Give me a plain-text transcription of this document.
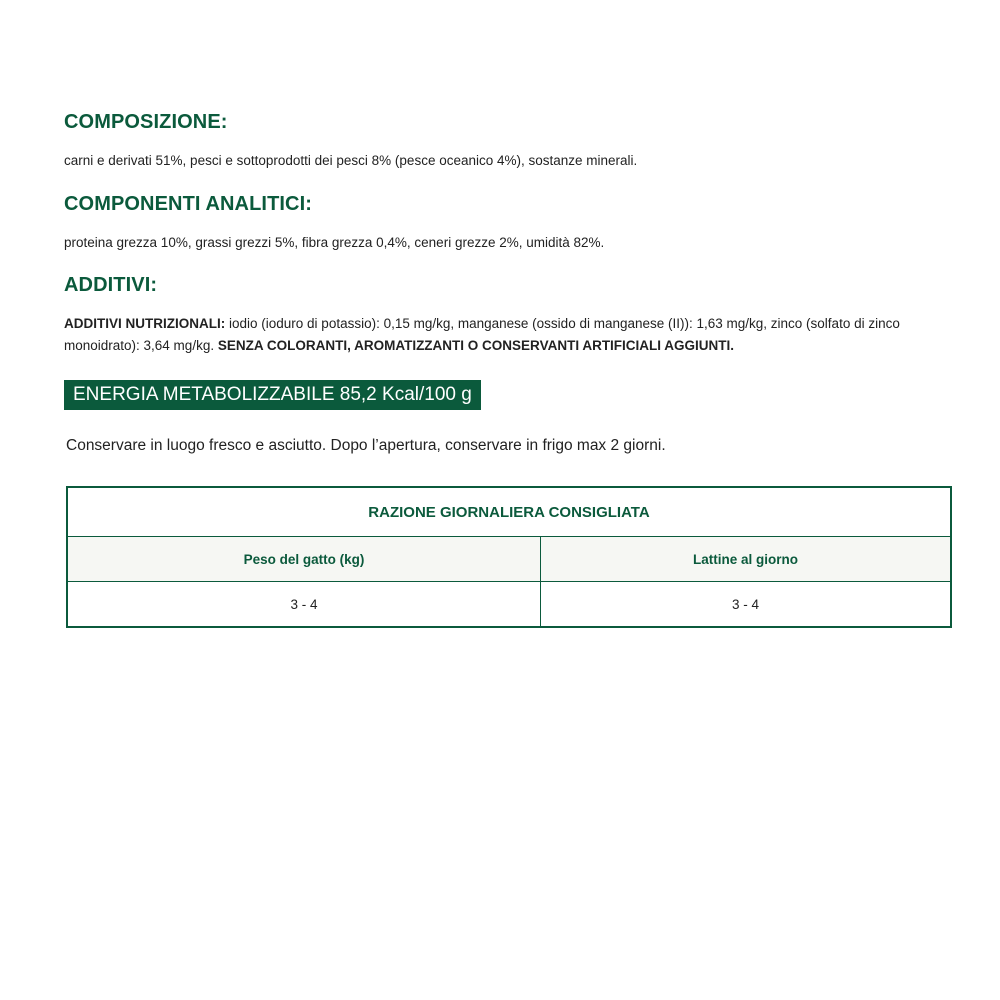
COMPOSIZIONE:

carni e derivati 51%, pesci e sottoprodotti dei pesci 8% (pesce oceanico 4%), sostanze minerali.

COMPONENTI ANALITICI:

proteina grezza 10%, grassi grezzi 5%, fibra grezza 0,4%, ceneri grezze 2%, umidità 82%.

ADDITIVI:

ADDITIVI NUTRIZIONALI: iodio (ioduro di potassio): 0,15 mg/kg, manganese (ossido di manganese (II)): 1,63 mg/kg, zinco (solfato di zinco monoidrato): 3,64 mg/kg. SENZA COLORANTI, AROMATIZZANTI O CONSERVANTI ARTIFICIALI AGGIUNTI.

ENERGIA METABOLIZZABILE 85,2 Kcal/100 g

Conservare in luogo fresco e asciutto. Dopo l’apertura, conservare in frigo max 2 giorni.

RAZIONE GIORNALIERA CONSIGLIATA	
Peso del gatto (kg)	Lattine al giorno
3 - 4	3 - 4
